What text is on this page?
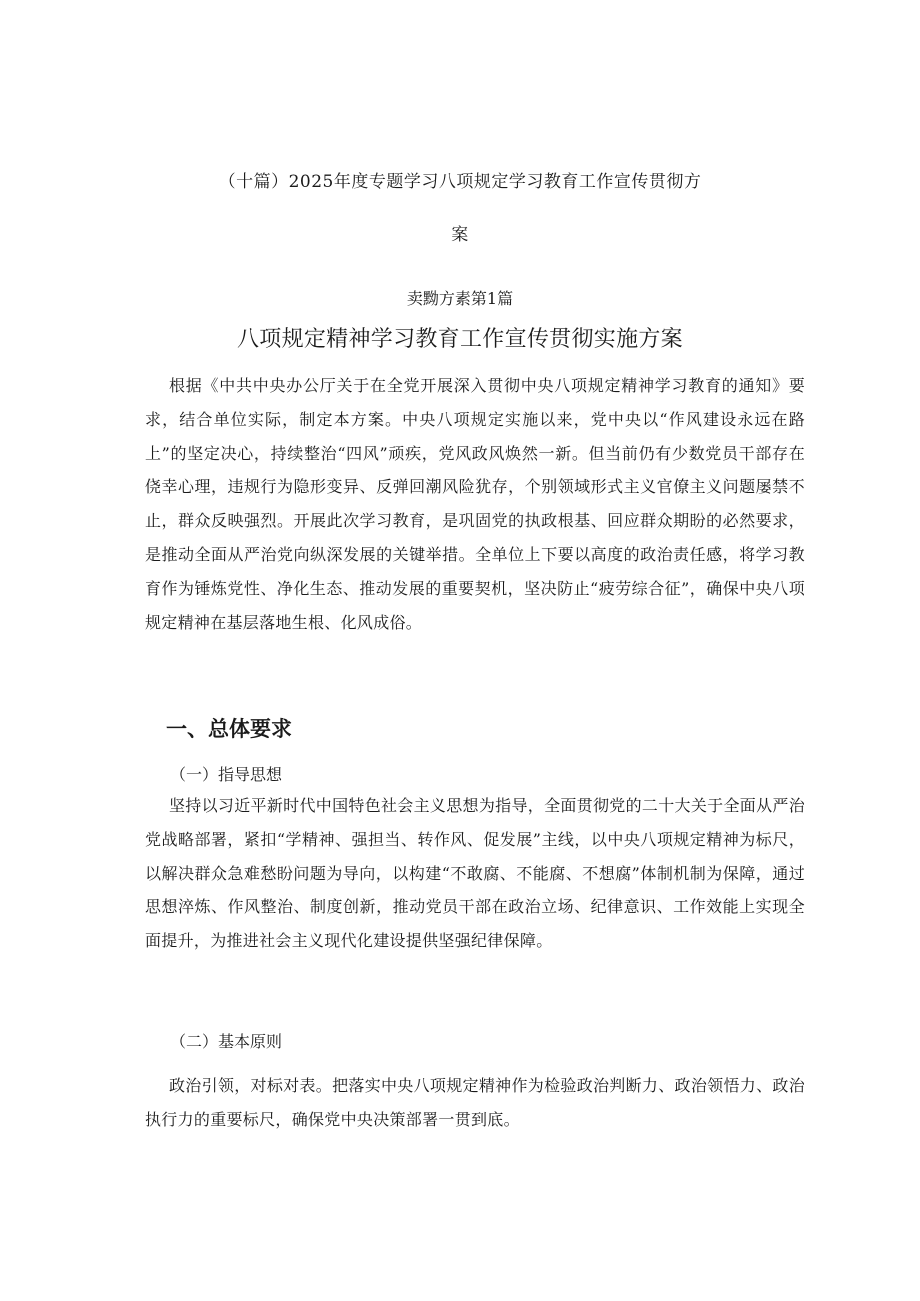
（十篇）2025年度专题学习八项规定学习教育工作宣传贯彻方
案
卖黝方素第1篇
八项规定精神学习教育工作宣传贯彻实施方案

根据《中共中央办公厅关于在全党开展深入贯彻中央八项规定精神学习教育的通知》要求，结合单位实际，制定本方案。中央八项规定实施以来，党中央以“作风建设永远在路上”的坚定决心，持续整治“四风”顽疾，党风政风焕然一新。但当前仍有少数党员干部存在侥幸心理，违规行为隐形变异、反弹回潮风险犹存，个别领域形式主义官僚主义问题屡禁不止，群众反映强烈。开展此次学习教育，是巩固党的执政根基、回应群众期盼的必然要求，是推动全面从严治党向纵深发展的关键举措。全单位上下要以高度的政治责任感，将学习教育作为锤炼党性、净化生态、推动发展的重要契机，坚决防止“疲劳综合征”，确保中央八项规定精神在基层落地生根、化风成俗。

一、总体要求
（一）指导思想

坚持以习近平新时代中国特色社会主义思想为指导，全面贯彻党的二十大关于全面从严治党战略部署，紧扣“学精神、强担当、转作风、促发展”主线，以中央八项规定精神为标尺，以解决群众急难愁盼问题为导向，以构建“不敢腐、不能腐、不想腐”体制机制为保障，通过思想淬炼、作风整治、制度创新，推动党员干部在政治立场、纪律意识、工作效能上实现全面提升，为推进社会主义现代化建设提供坚强纪律保障。

（二）基本原则

政治引领，对标对表。把落实中央八项规定精神作为检验政治判断力、政治领悟力、政治执行力的重要标尺，确保党中央决策部署一贯到底。
